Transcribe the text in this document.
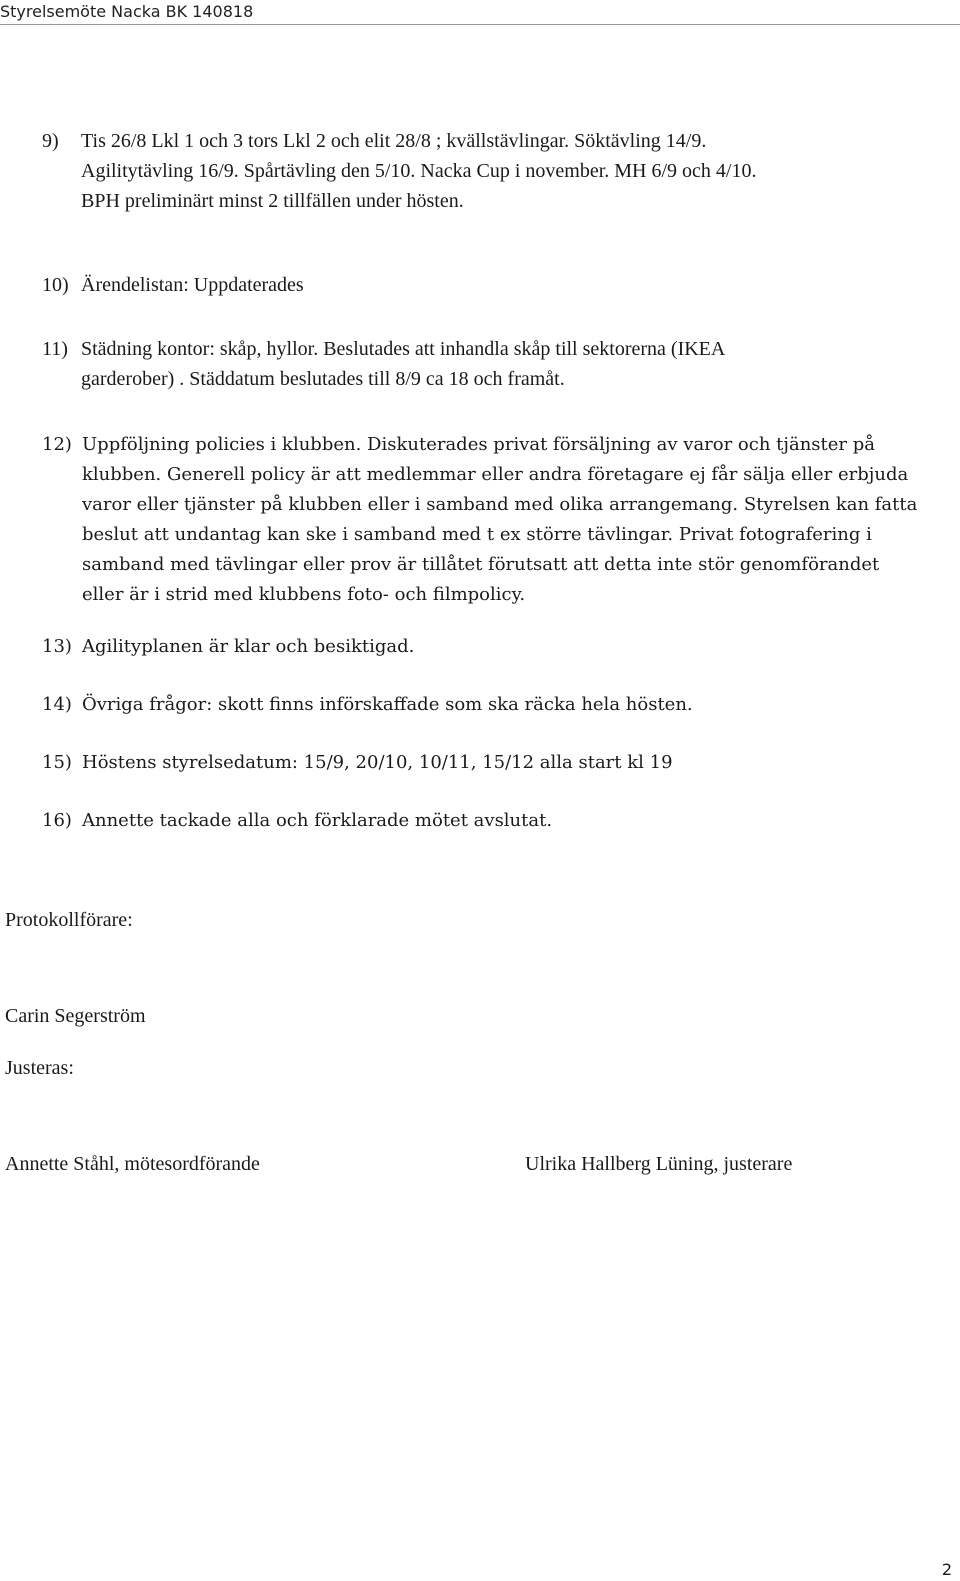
Styrelsemöte Nacka BK 140818
9) Tis 26/8 Lkl 1 och 3 tors Lkl 2 och elit 28/8 ; kvällstävlingar. Söktävling 14/9.
Agilitytävling 16/9. Spårtävling den 5/10. Nacka Cup i november. MH 6/9 och 4/10.
BPH preliminärt minst 2 tillfällen under hösten.
10) Ärendelistan: Uppdaterades
11) Städning kontor: skåp, hyllor. Beslutades att inhandla skåp till sektorerna (IKEA
garderober) . Städdatum beslutades till 8/9 ca 18 och framåt.
12) Uppföljning policies i klubben. Diskuterades privat försäljning av varor och tjänster på
klubben. Generell policy är att medlemmar eller andra företagare ej får sälja eller erbjuda
varor eller tjänster på klubben eller i samband med olika arrangemang. Styrelsen kan fatta
beslut att undantag kan ske i samband med t ex större tävlingar. Privat fotografering i
samband med tävlingar eller prov är tillåtet förutsatt att detta inte stör genomförandet
eller är i strid med klubbens foto- och filmpolicy.
13) Agilityplanen är klar och besiktigad.
14) Övriga frågor: skott finns införskaffade som ska räcka hela hösten.
15) Höstens styrelsedatum: 15/9, 20/10, 10/11, 15/12 alla start kl 19
16) Annette tackade alla och förklarade mötet avslutat.
Protokollförare:
Carin Segerström
Justeras:
Annette Ståhl, mötesordförande	Ulrika Hallberg Lüning, justerare
2
